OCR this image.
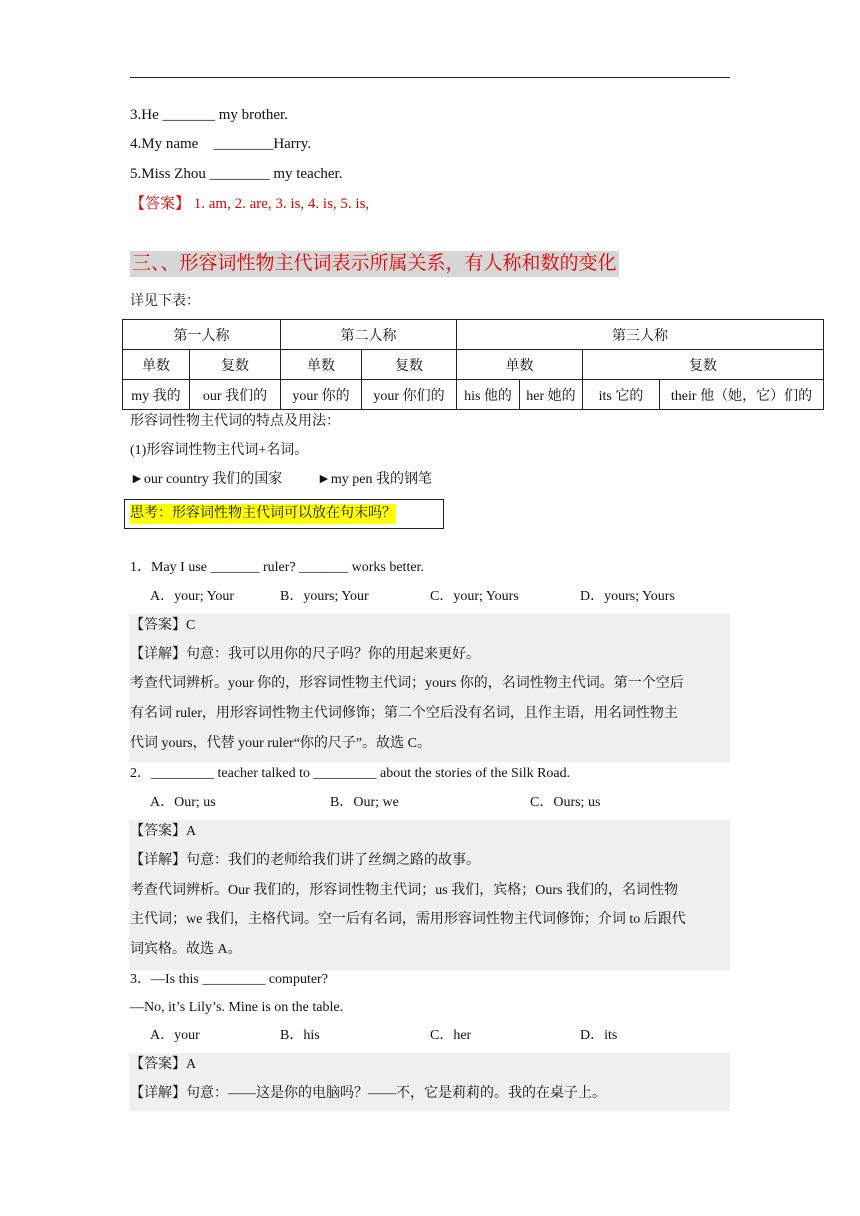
3.He _______ my brother.
4.My name    ________Harry.
5.Miss Zhou ________ my teacher.
【答案】 1. am, 2. are, 3. is, 4. is, 5. is,
三、、形容词性物主代词表示所属关系，有人称和数的变化
详见下表：
第一人称		第二人称		第三人称			
单数	复数	单数	复数	单数		复数	
my 我的	our 我们的	your 你的	your 你们的	his 他的	her 她的	its 它的	their 他（她，它）们的
形容词性物主代词的特点及用法：
(1)形容词性物主代词+名词。
►our country 我们的国家 ►my pen 我的钢笔
思考：形容词性物主代词可以放在句末吗？
1．May I use _______ ruler? _______ works better.
A．your; Your	B．yours; Your	C．your; Yours	D．yours; Yours
【答案】C
【详解】句意：我可以用你的尺子吗？你的用起来更好。
考查代词辨析。your 你的，形容词性物主代词；yours 你的，名词性物主代词。第一个空后
有名词 ruler，用形容词性物主代词修饰；第二个空后没有名词，且作主语，用名词性物主
代词 yours，代替 your ruler“你的尺子”。故选 C。
2．_________ teacher talked to _________ about the stories of the Silk Road.
A．Our; us	B．Our; we	C．Ours; us
【答案】A
【详解】句意：我们的老师给我们讲了丝绸之路的故事。
考查代词辨析。Our 我们的，形容词性物主代词；us 我们，宾格；Ours 我们的，名词性物
主代词；we 我们，主格代词。空一后有名词，需用形容词性物主代词修饰；介词 to 后跟代
词宾格。故选 A。
3．—Is this _________ computer?
—No, it’s Lily’s. Mine is on the table.
A．your	B．his	C．her	D．its
【答案】A
【详解】句意：——这是你的电脑吗？——不，它是莉莉的。我的在桌子上。
